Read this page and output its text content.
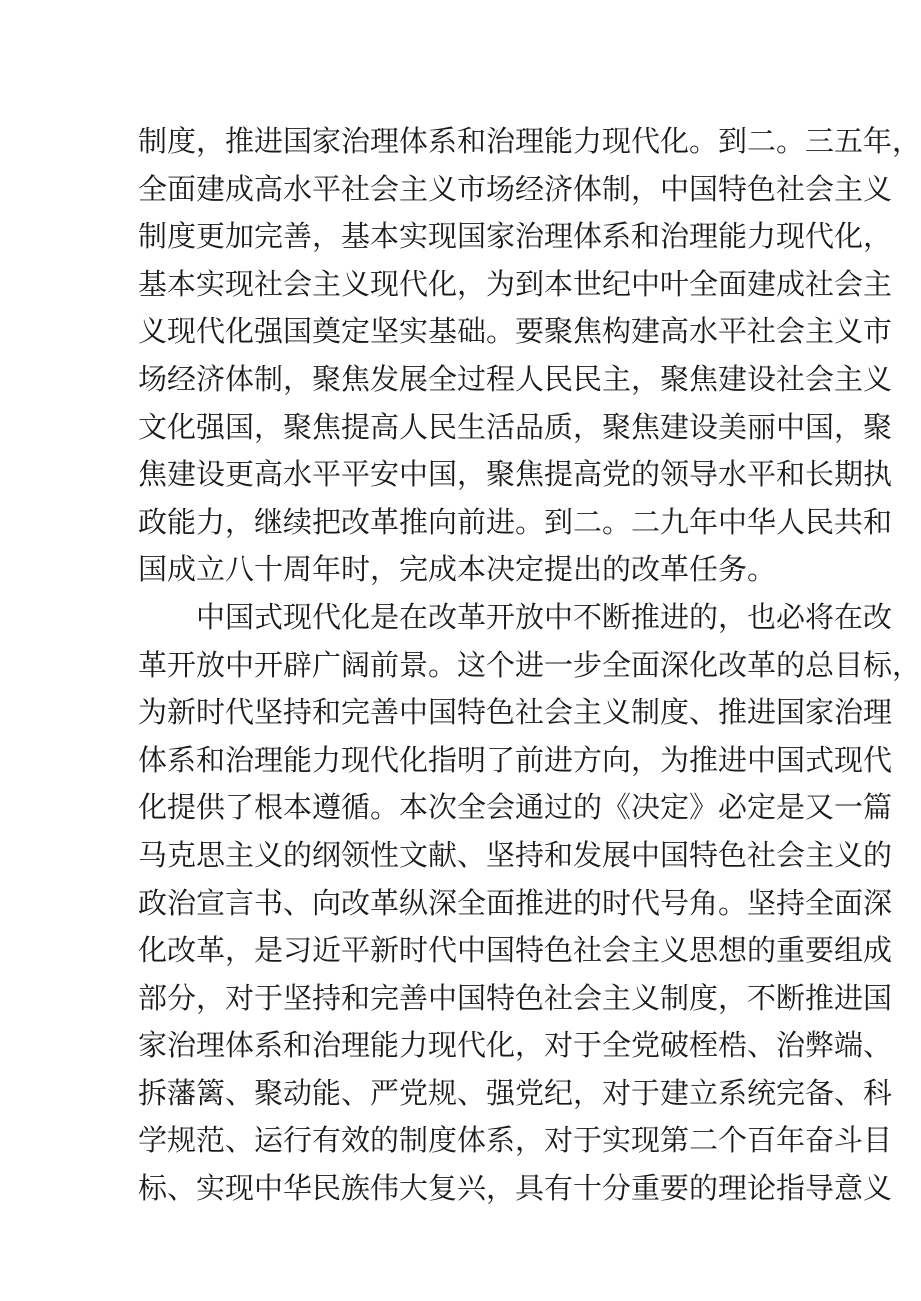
制度，推进国家治理体系和治理能力现代化。到二。三五年，
全面建成高水平社会主义市场经济体制，中国特色社会主义
制度更加完善，基本实现国家治理体系和治理能力现代化，
基本实现社会主义现代化，为到本世纪中叶全面建成社会主
义现代化强国奠定坚实基础。要聚焦构建高水平社会主义市
场经济体制，聚焦发展全过程人民民主，聚焦建设社会主义
文化强国，聚焦提高人民生活品质，聚焦建设美丽中国，聚
焦建设更高水平平安中国，聚焦提高党的领导水平和长期执
政能力，继续把改革推向前进。到二。二九年中华人民共和
国成立八十周年时，完成本决定提出的改革任务。
中国式现代化是在改革开放中不断推进的，也必将在改
革开放中开辟广阔前景。这个进一步全面深化改革的总目标，
为新时代坚持和完善中国特色社会主义制度、推进国家治理
体系和治理能力现代化指明了前进方向，为推进中国式现代
化提供了根本遵循。本次全会通过的《决定》必定是又一篇
马克思主义的纲领性文献、坚持和发展中国特色社会主义的
政治宣言书、向改革纵深全面推进的时代号角。坚持全面深
化改革，是习近平新时代中国特色社会主义思想的重要组成
部分，对于坚持和完善中国特色社会主义制度，不断推进国
家治理体系和治理能力现代化，对于全党破桎梏、治弊端、
拆藩篱、聚动能、严党规、强党纪，对于建立系统完备、科
学规范、运行有效的制度体系，对于实现第二个百年奋斗目
标、实现中华民族伟大复兴，具有十分重要的理论指导意义
